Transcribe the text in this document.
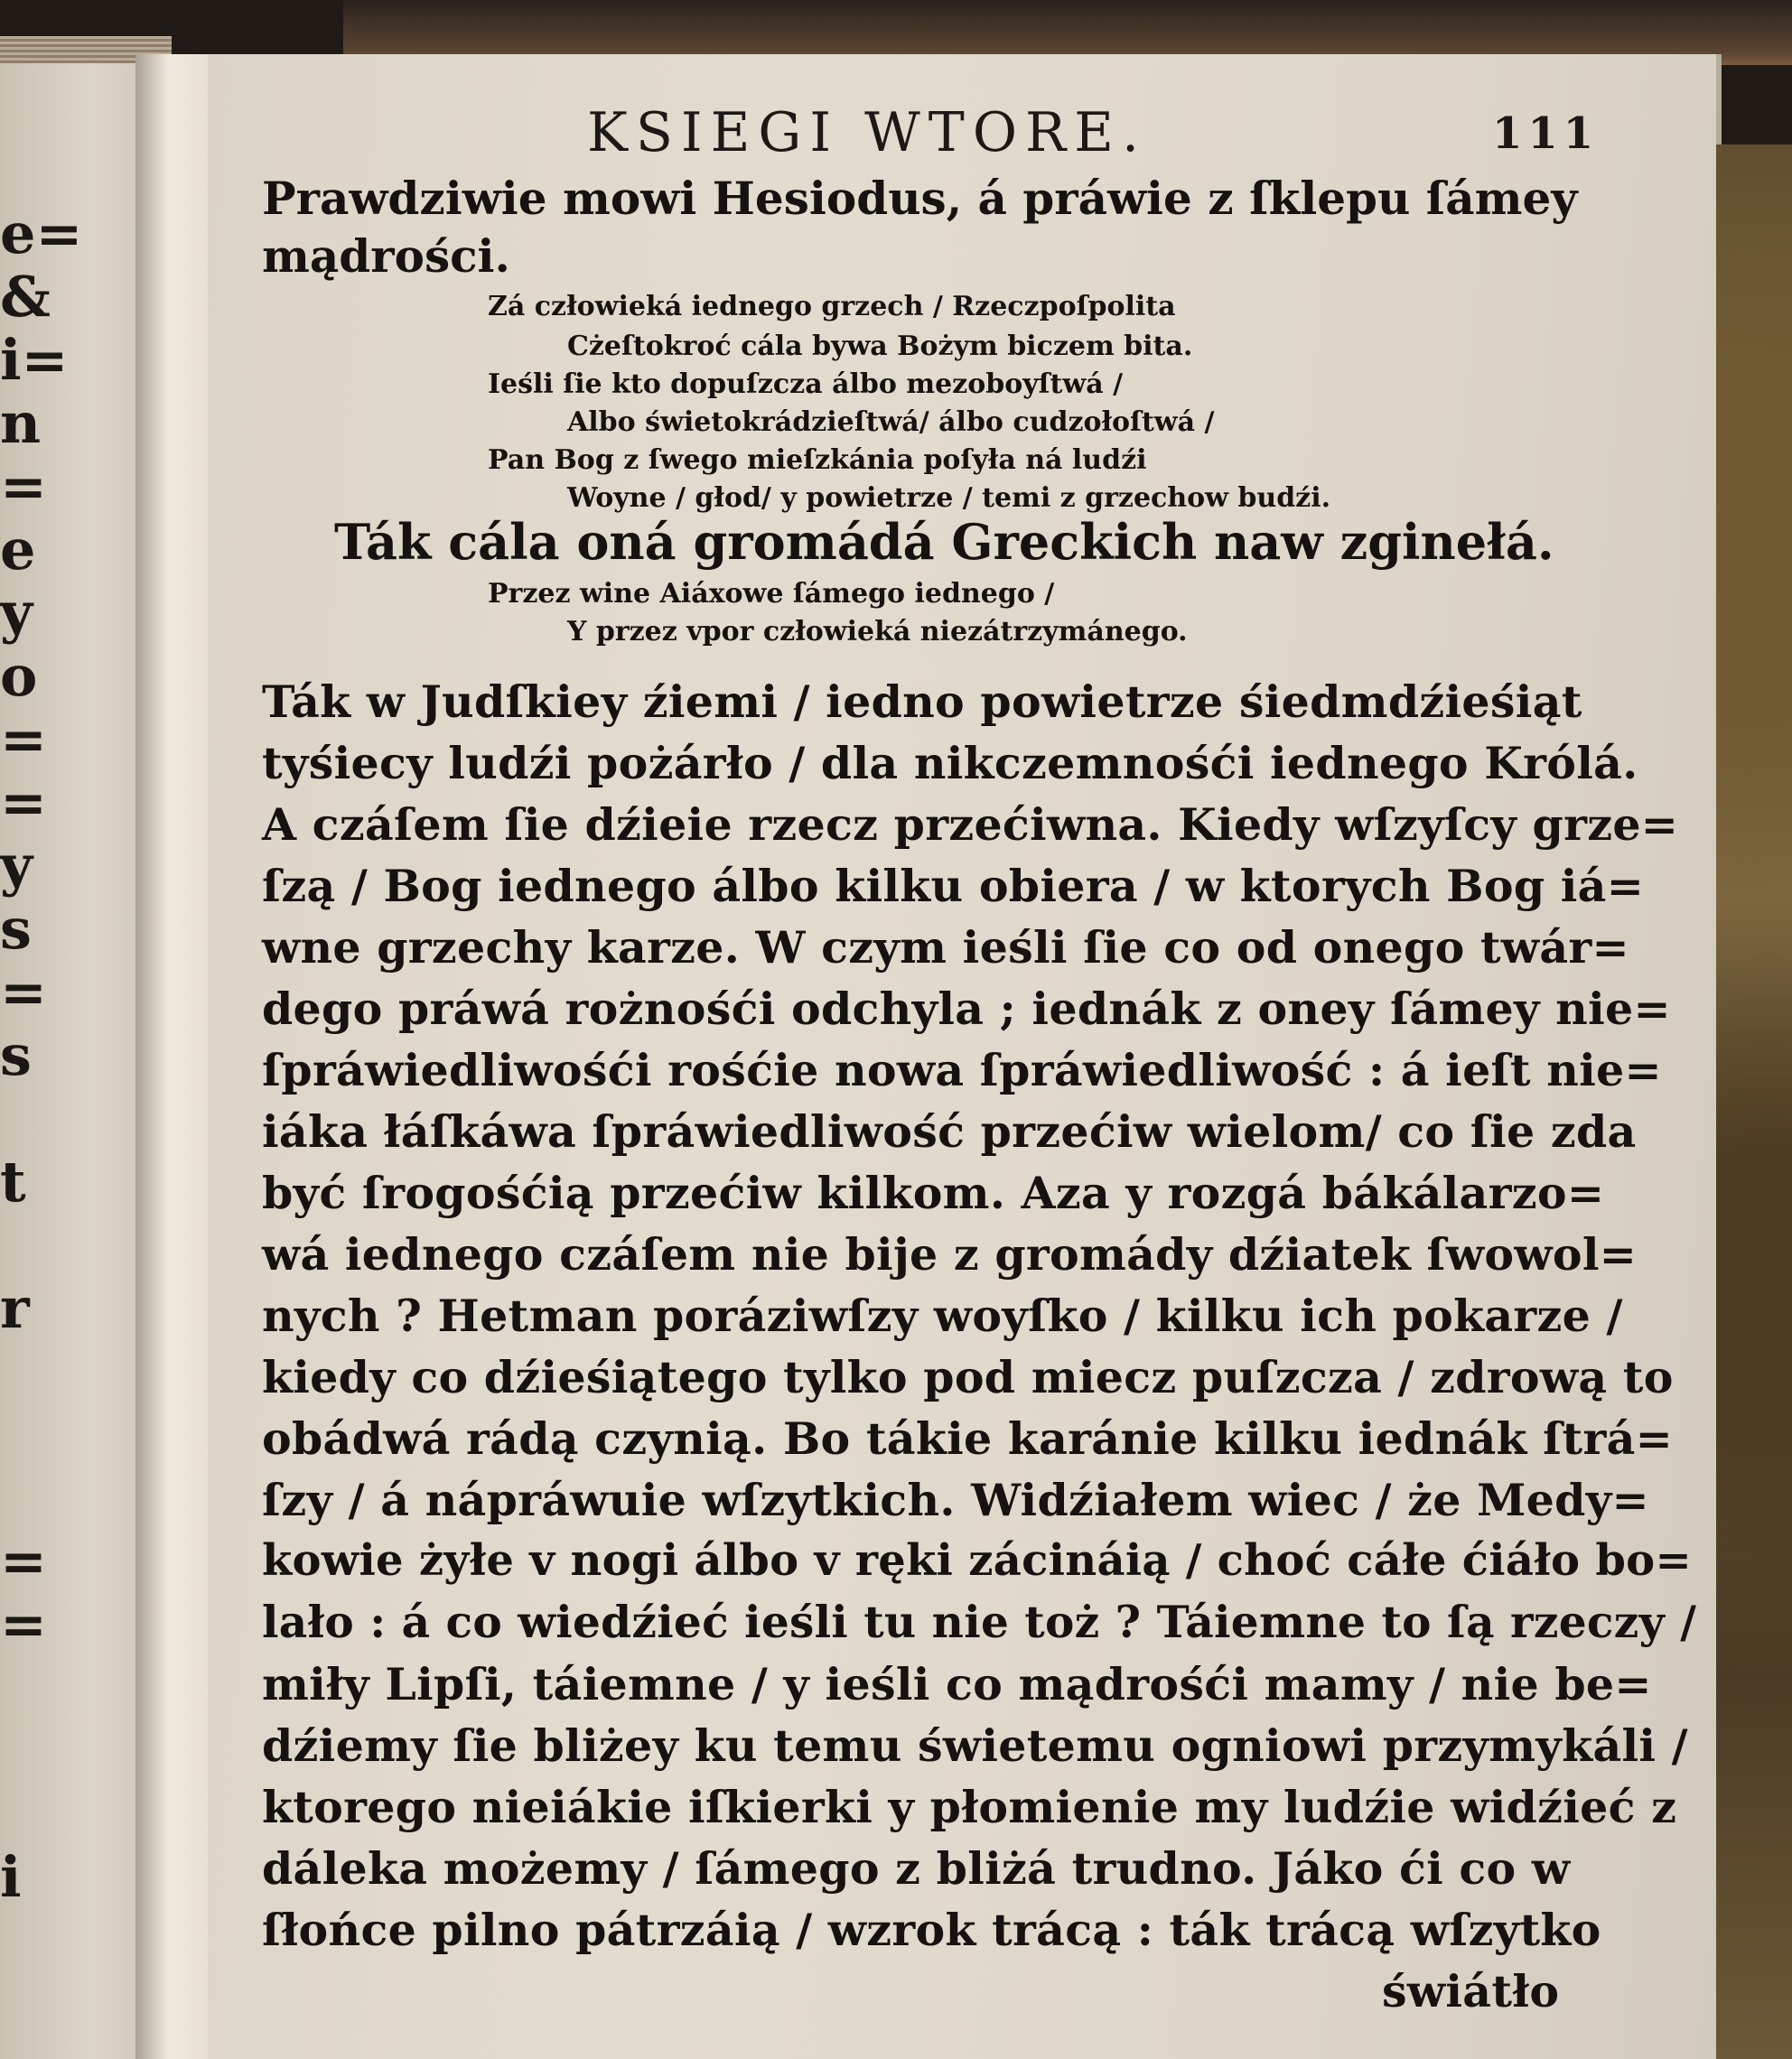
e=
&
i=
n
=
e
y
o
=
=
y
s
=
s
t
r
=
=
i
KSIEGI WTORE.	111
Prawdziwie mowi Hesiodus, á práwie z ſklepu ſámey
mądrości.
Zá człowieká iednego grzech / Rzeczpoſpolita
Cżeſtokroć cála bywa Bożym biczem bita.
Ieśli ſie kto dopuſzcza álbo mezoboyſtwá /
Albo świetokrádzieſtwá/ álbo cudzołoſtwá /
Pan Bog z ſwego mieſzkánia poſyła ná ludźi
Woyne / głod/ y powietrze / temi z grzechow budźi.
Ták cála oná gromádá Greckich naw zginełá.
Przez wine Aiáxowe ſámego iednego /
Y przez vpor człowieká niezátrzymánego.
Ták w Judſkiey źiemi / iedno powietrze śiedmdźieśiąt
tyśiecy ludźi pożárło / dla nikczemnośći iednego Królá.
A czáſem ſie dźieie rzecz przećiwna. Kiedy wſzyſcy grze=
ſzą / Bog iednego álbo kilku obiera / w ktorych Bog iá=
wne grzechy karze. W czym ieśli ſie co od onego twár=
dego práwá rożnośći odchyla ; iednák z oney ſámey nie=
ſpráwiedliwośći rośćie nowa ſpráwiedliwość : á ieſt nie=
iáka łáſkáwa ſpráwiedliwość przećiw wielom/ co ſie zda
być ſrogośćią przećiw kilkom. Aza y rozgá bákálarzo=
wá iednego czáſem nie bije z gromády dźiatek ſwowol=
nych ? Hetman poráziwſzy woyſko / kilku ich pokarze /
kiedy co dźieśiątego tylko pod miecz puſzcza / zdrową to
obádwá rádą czynią. Bo tákie karánie kilku iednák ſtrá=
ſzy / á nápráwuie wſzytkich. Widźiałem wiec / że Medy=
kowie żyłe v nogi álbo v ręki zácináią / choć cáłe ćiáło bo=
lało : á co wiedźieć ieśli tu nie toż ? Táiemne to ſą rzeczy /
miły Lipſi, táiemne / y ieśli co mądrośći mamy / nie be=
dźiemy ſie bliżey ku temu świetemu ogniowi przymykáli /
ktorego nieiákie iſkierki y płomienie my ludźie widźieć z
dáleka możemy / ſámego z bliżá trudno. Jáko ći co w
ſłońce pilno pátrzáią / wzrok trácą : ták trácą wſzytko
świátło
